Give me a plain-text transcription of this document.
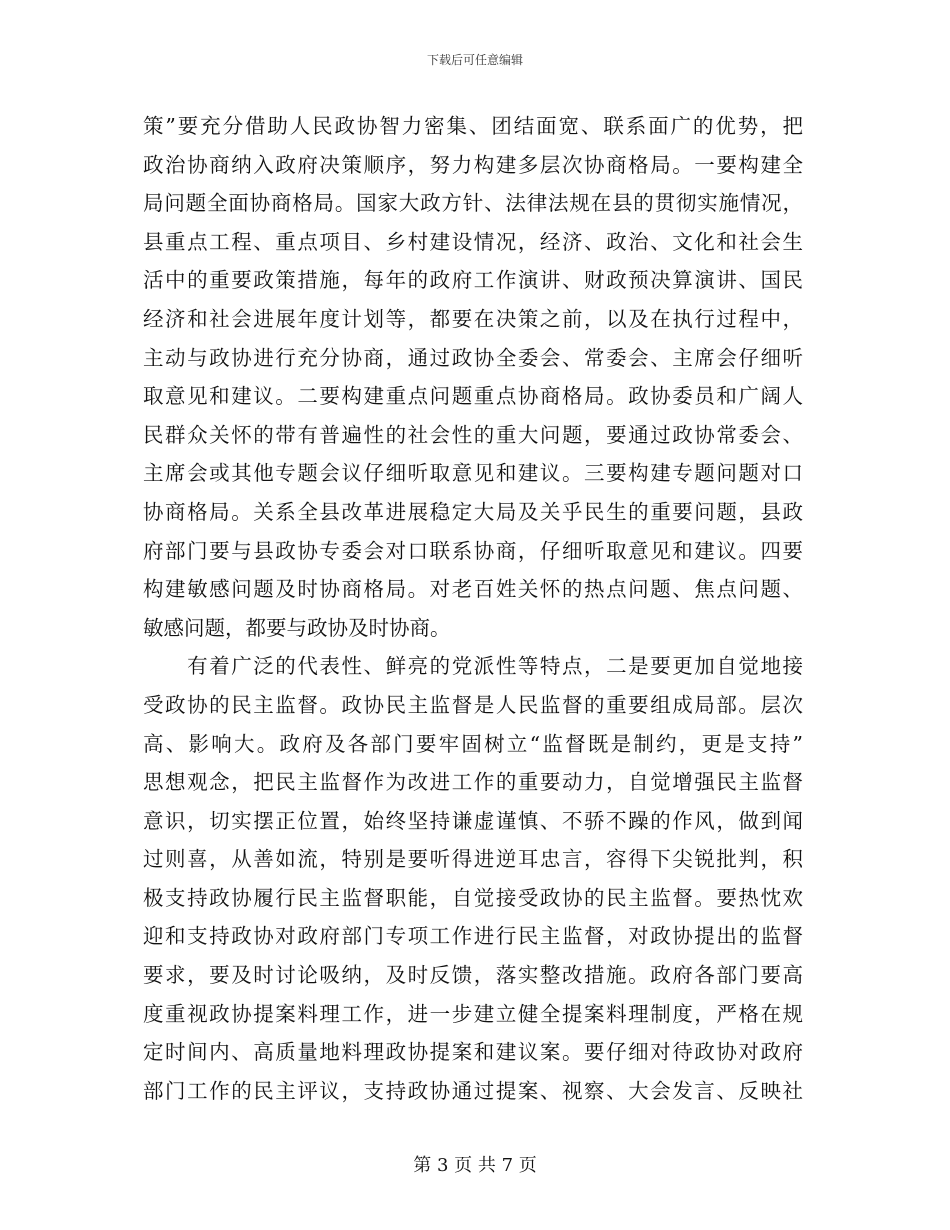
下载后可任意编辑
策”要充分借助人民政协智力密集、团结面宽、联系面广的优势，把
政治协商纳入政府决策顺序，努力构建多层次协商格局。一要构建全
局问题全面协商格局。国家大政方针、法律法规在县的贯彻实施情况，
县重点工程、重点项目、乡村建设情况，经济、政治、文化和社会生
活中的重要政策措施，每年的政府工作演讲、财政预决算演讲、国民
经济和社会进展年度计划等，都要在决策之前，以及在执行过程中，
主动与政协进行充分协商，通过政协全委会、常委会、主席会仔细听
取意见和建议。二要构建重点问题重点协商格局。政协委员和广阔人
民群众关怀的带有普遍性的社会性的重大问题，要通过政协常委会、
主席会或其他专题会议仔细听取意见和建议。三要构建专题问题对口
协商格局。关系全县改革进展稳定大局及关乎民生的重要问题，县政
府部门要与县政协专委会对口联系协商，仔细听取意见和建议。四要
构建敏感问题及时协商格局。对老百姓关怀的热点问题、焦点问题、
敏感问题，都要与政协及时协商。
　　有着广泛的代表性、鲜亮的党派性等特点，二是要更加自觉地接
受政协的民主监督。政协民主监督是人民监督的重要组成局部。层次
高、影响大。政府及各部门要牢固树立“监督既是制约，更是支持”
思想观念，把民主监督作为改进工作的重要动力，自觉增强民主监督
意识，切实摆正位置，始终坚持谦虚谨慎、不骄不躁的作风，做到闻
过则喜，从善如流，特别是要听得进逆耳忠言，容得下尖锐批判，积
极支持政协履行民主监督职能，自觉接受政协的民主监督。要热忱欢
迎和支持政协对政府部门专项工作进行民主监督，对政协提出的监督
要求，要及时讨论吸纳，及时反馈，落实整改措施。政府各部门要高
度重视政协提案料理工作，进一步建立健全提案料理制度，严格在规
定时间内、高质量地料理政协提案和建议案。要仔细对待政协对政府
部门工作的民主评议，支持政协通过提案、视察、大会发言、反映社
第 3 页 共 7 页
